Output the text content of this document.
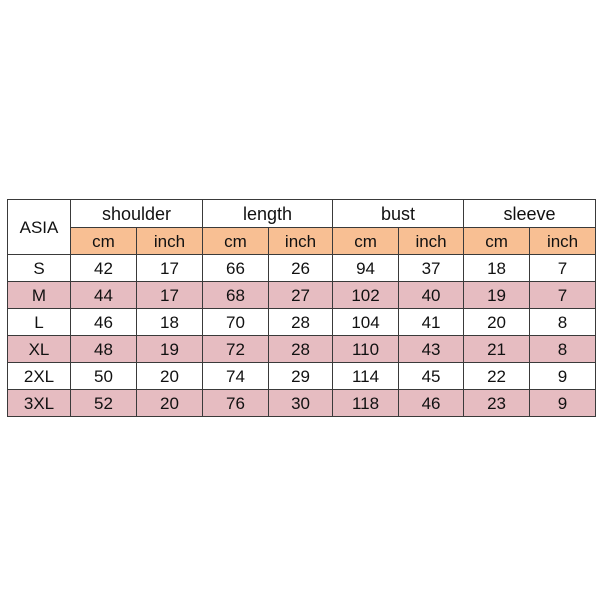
ASIA	shoulder		length		bust		sleeve	
	cm	inch	cm	inch	cm	inch	cm	inch
S	42	17	66	26	94	37	18	7
M	44	17	68	27	102	40	19	7
L	46	18	70	28	104	41	20	8
XL	48	19	72	28	110	43	21	8
2XL	50	20	74	29	114	45	22	9
3XL	52	20	76	30	118	46	23	9
